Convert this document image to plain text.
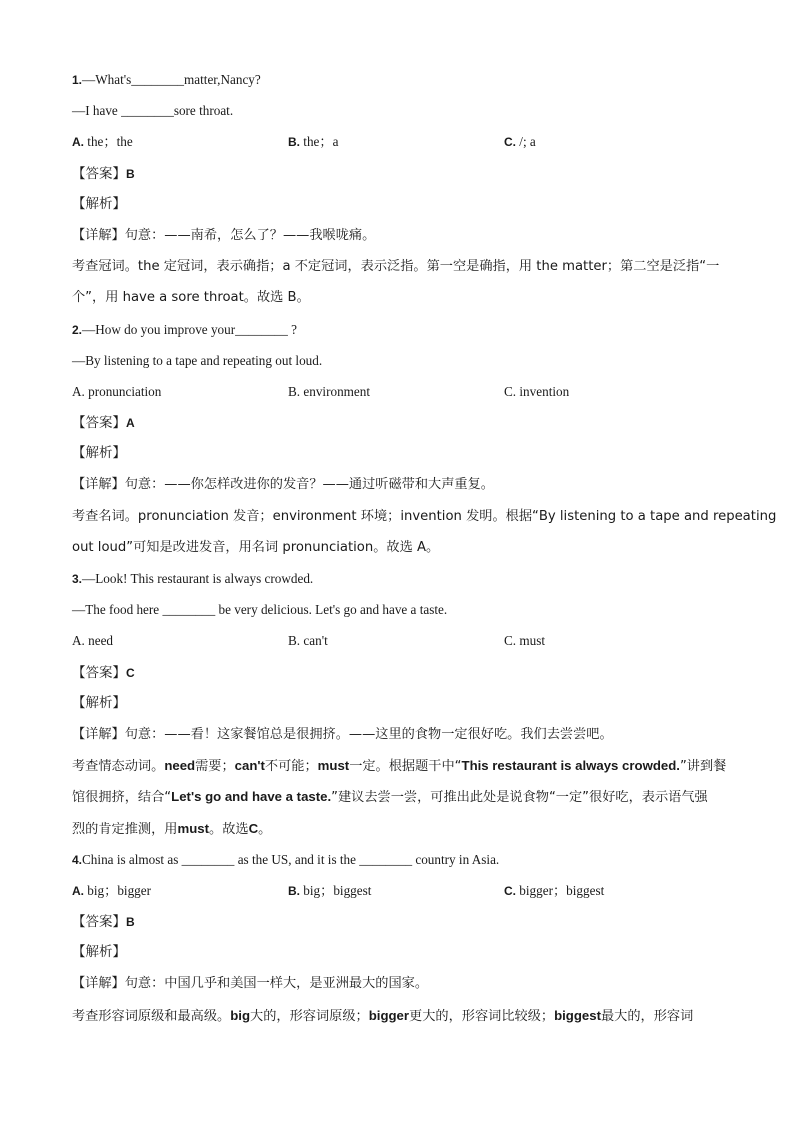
1.—What's________matter,Nancy?
—I have ________sore throat.
A. the；the	B. the；a	C. /; a
【答案】B
【解析】
【详解】句意：——南希，怎么了？——我喉咙痛。
考查冠词。the 定冠词，表示确指；a 不定冠词，表示泛指。第一空是确指，用 the matter；第二空是泛指“一
个”，用 have a sore throat。故选 B。
2.—How do you improve your________ ?
—By listening to a tape and repeating out loud.
A. pronunciation	B. environment	C. invention
【答案】A
【解析】
【详解】句意：——你怎样改进你的发音？——通过听磁带和大声重复。
考查名词。pronunciation 发音；environment 环境；invention 发明。根据“By listening to a tape and repeating
out loud”可知是改进发音，用名词 pronunciation。故选 A。
3.—Look! This restaurant is always crowded.
—The food here ________ be very delicious. Let's go and have a taste.
A. need	B. can't	C. must
【答案】C
【解析】
【详解】句意：——看！这家餐馆总是很拥挤。——这里的食物一定很好吃。我们去尝尝吧。
考查情态动词。need需要；can't不可能；must一定。根据题干中“This restaurant is always crowded.”讲到餐
馆很拥挤，结合“Let's go and have a taste.”建议去尝一尝，可推出此处是说食物“一定”很好吃，表示语气强
烈的肯定推测，用must。故选C。
4.China is almost as ________ as the US, and it is the ________ country in Asia.
A. big；bigger	B. big；biggest	C. bigger；biggest
【答案】B
【解析】
【详解】句意：中国几乎和美国一样大，是亚洲最大的国家。
考查形容词原级和最高级。big大的，形容词原级；bigger更大的，形容词比较级；biggest最大的，形容词
